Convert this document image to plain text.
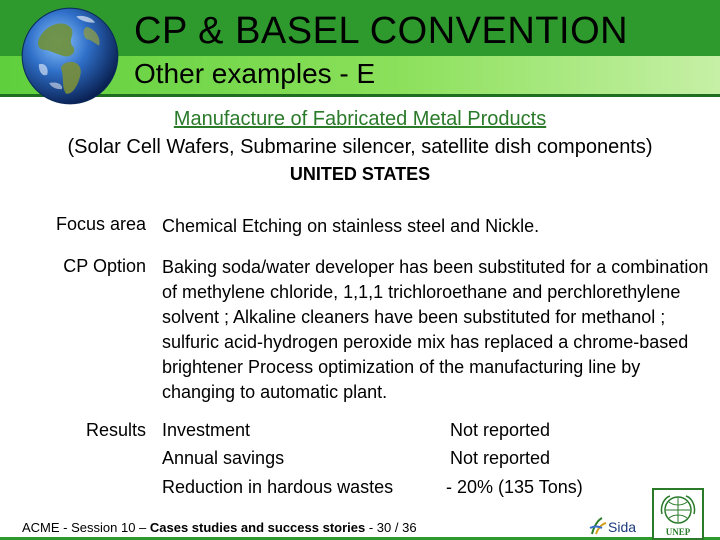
CP & BASEL CONVENTION
Other examples - E
Manufacture of Fabricated Metal Products
(Solar Cell Wafers, Submarine silencer, satellite dish components)
UNITED STATES
Focus area Chemical Etching on stainless steel and Nickle.
CP Option Baking soda/water developer has been substituted for a combination of methylene chloride, 1,1,1 trichloroethane and perchlorethylene solvent ; Alkaline cleaners have been substituted for methanol ; sulfuric acid-hydrogen peroxide mix has replaced a chrome-based brightener Process optimization of the manufacturing line by changing to automatic plant.
Results Investment	Not reported
Annual savings	Not reported
Reduction in hardous wastes	- 20% (135 Tons)
ACME - Session 10 – Cases studies and success stories - 30 / 36	Sida	UNEP
